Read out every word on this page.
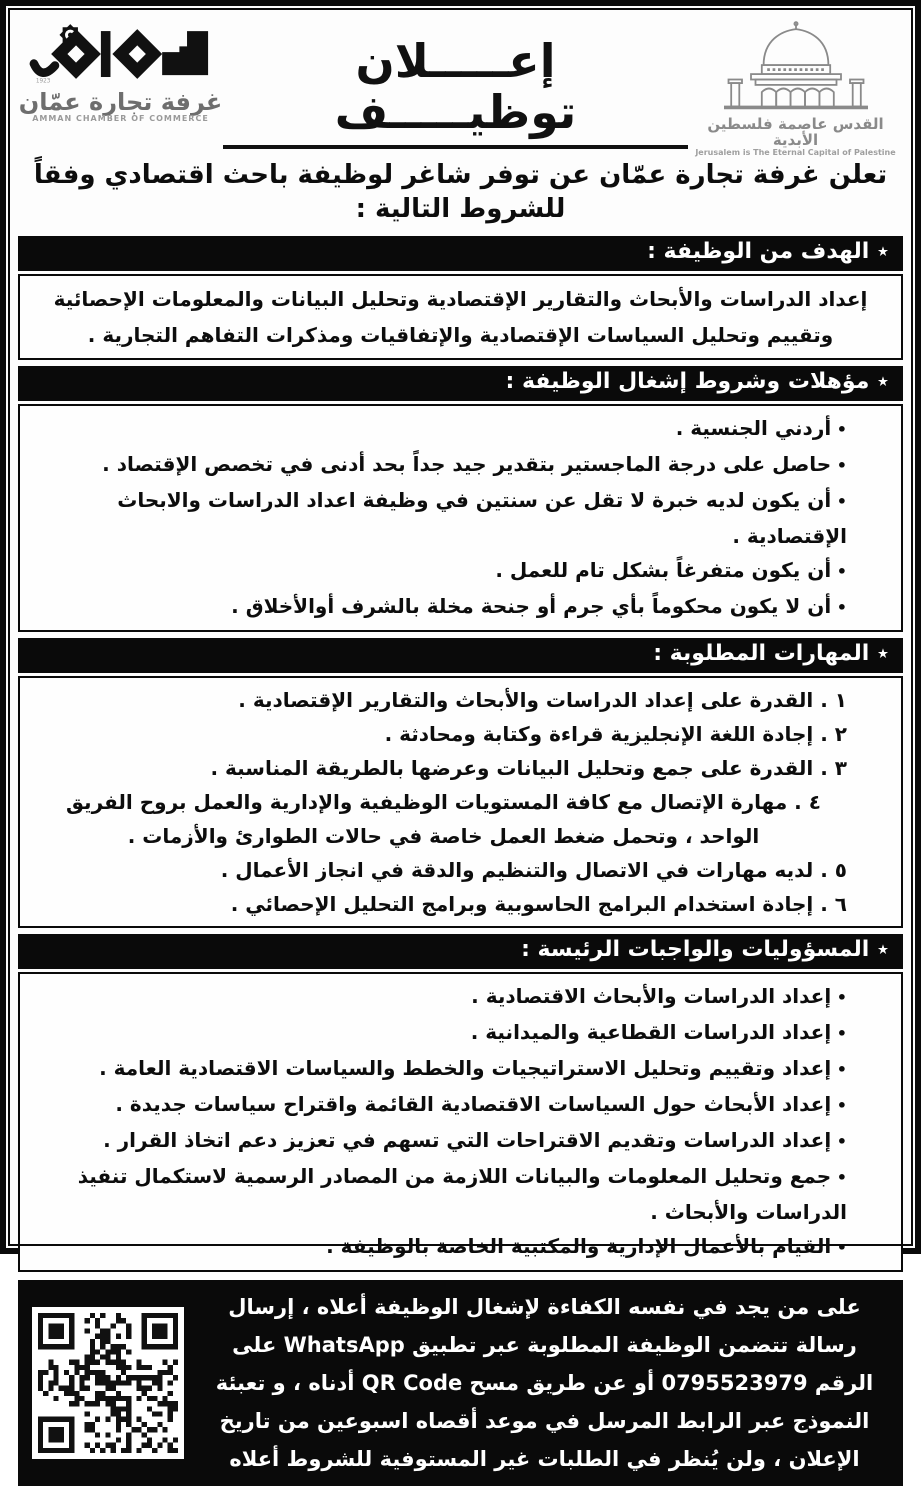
1923
غرفة تجارة عمّان
AMMAN CHAMBER OF COMMERCE
إعـــــلان توظيـــــف	القدس عاصمة فلسطين الأبدية
Jerusalem is The Eternal Capital of Palestine
تعلن غرفة تجارة عمّان عن توفر شاغر لوظيفة باحث اقتصادي وفقاً للشروط التالية :
٭ الهدف من الوظيفة :
إعداد الدراسات والأبحاث والتقارير الإقتصادية وتحليل البيانات والمعلومات الإحصائية وتقييم وتحليل السياسات الإقتصادية والإتفاقيات ومذكرات التفاهم التجارية .
٭ مؤهلات وشروط إشغال الوظيفة :
• أردني الجنسية .
• حاصل على درجة الماجستير بتقدير جيد جداً بحد أدنى في تخصص الإقتصاد .
• أن يكون لديه خبرة لا تقل عن سنتين في وظيفة اعداد الدراسات والابحاث الإقتصادية .
• أن يكون متفرغاً بشكل تام للعمل .
• أن لا يكون محكوماً بأي جرم أو جنحة مخلة بالشرف أوالأخلاق .
٭ المهارات المطلوبة :
١ . القدرة على إعداد الدراسات والأبحاث والتقارير الإقتصادية .
٢ . إجادة اللغة الإنجليزية قراءة وكتابة ومحادثة .
٣ . القدرة على جمع وتحليل البيانات وعرضها بالطريقة المناسبة .
٤ . مهارة الإتصال مع كافة المستويات الوظيفية والإدارية والعمل بروح الفريق الواحد ، وتحمل ضغط العمل خاصة في حالات الطوارئ والأزمات .
٥ . لديه مهارات في الاتصال والتنظيم والدقة في انجاز الأعمال .
٦ . إجادة استخدام البرامج الحاسوبية وبرامج التحليل الإحصائي .
٭ المسؤوليات والواجبات الرئيسة :
• إعداد الدراسات والأبحاث الاقتصادية .
• إعداد الدراسات القطاعية والميدانية .
• إعداد وتقييم وتحليل الاستراتيجيات والخطط والسياسات الاقتصادية العامة .
• إعداد الأبحاث حول السياسات الاقتصادية القائمة واقتراح سياسات جديدة .
• إعداد الدراسات وتقديم الاقتراحات التي تسهم في تعزيز دعم اتخاذ القرار .
• جمع وتحليل المعلومات والبيانات اللازمة من المصادر الرسمية لاستكمال تنفيذ الدراسات والأبحاث .
• القيام بالأعمال الإدارية والمكتبية الخاصة بالوظيفة .
على من يجد في نفسه الكفاءة لإشغال الوظيفة أعلاه ، إرسال رسالة تتضمن الوظيفة المطلوبة عبر تطبيق WhatsApp على الرقم 0795523979 أو عن طريق مسح QR Code أدناه ، و تعبئة النموذج عبر الرابط المرسل في موعد أقصاه اسبوعين من تاريخ الإعلان ، ولن يُنظر في الطلبات غير المستوفية للشروط أعلاه
